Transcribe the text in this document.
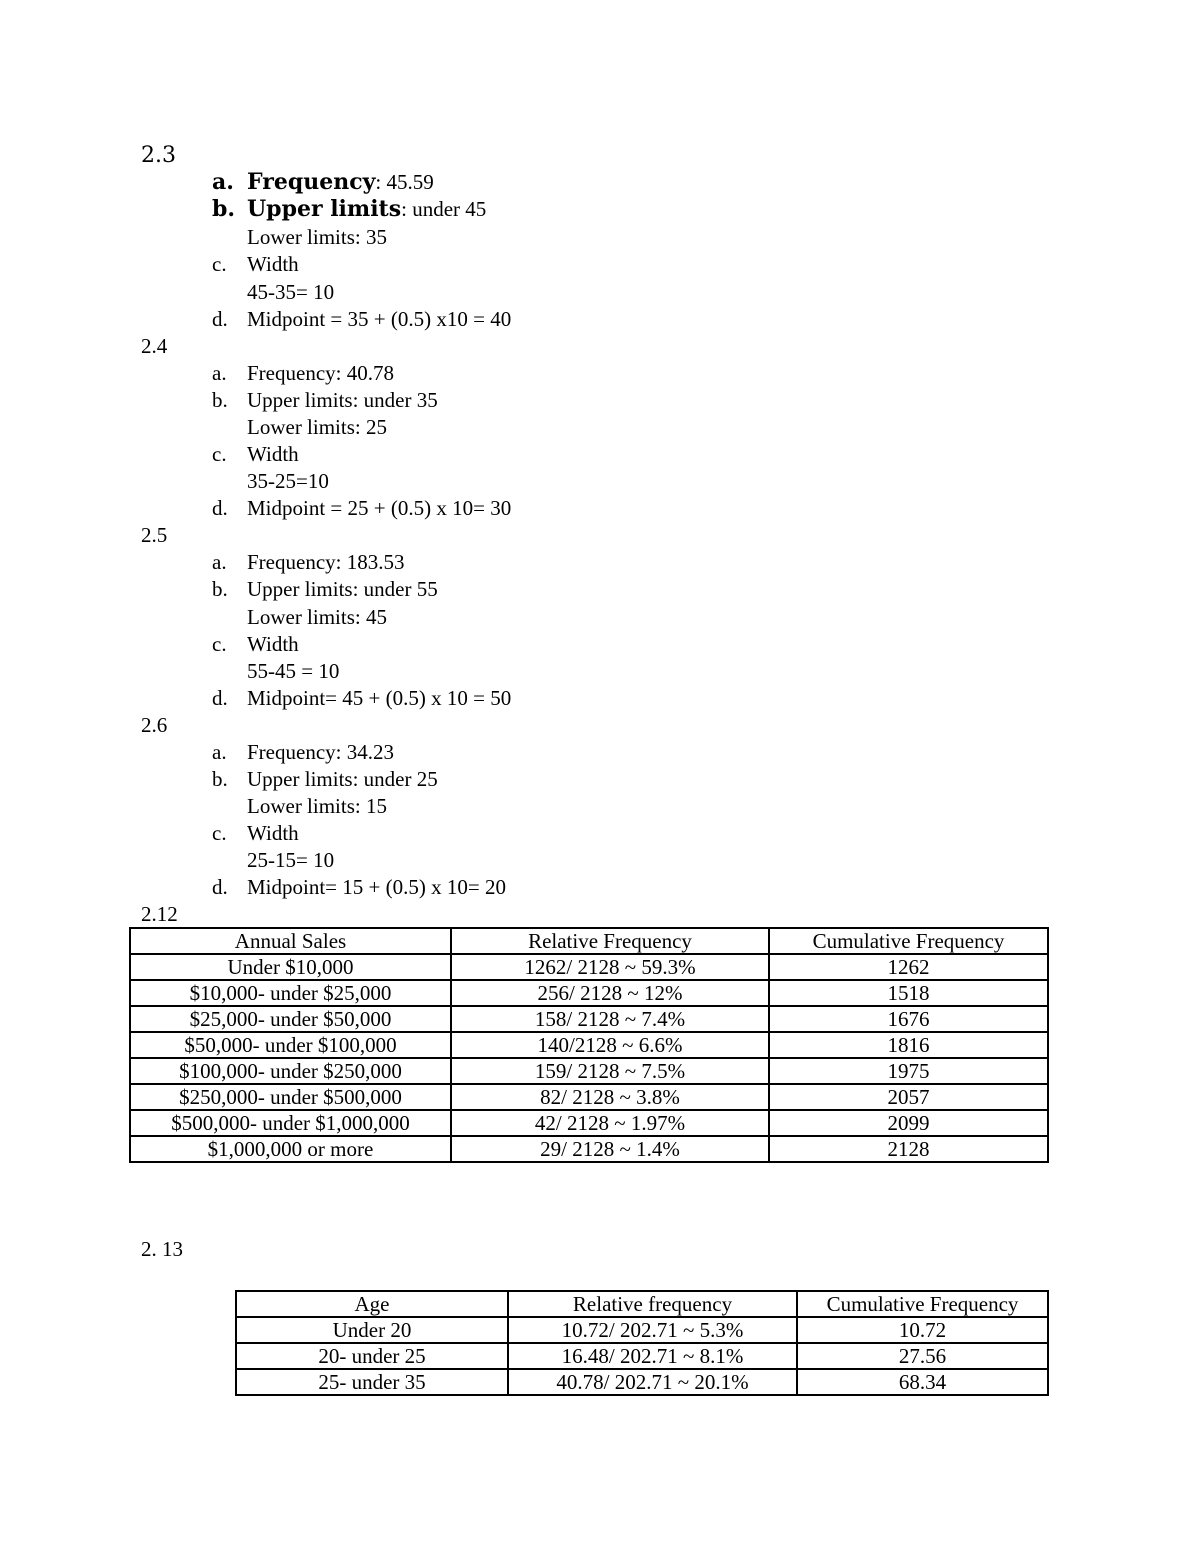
2.3
a. Frequency: 45.59
b. Upper limits: under 45
Lower limits: 35
c. Width
45-35= 10
d. Midpoint = 35 + (0.5) x10 = 40
2.4
a. Frequency: 40.78
b. Upper limits: under 35
Lower limits: 25
c. Width
35-25=10
d. Midpoint = 25 + (0.5) x 10= 30
2.5
a. Frequency: 183.53
b. Upper limits: under 55
Lower limits: 45
c. Width
55-45 = 10
d. Midpoint= 45 + (0.5) x 10 = 50
2.6
a. Frequency: 34.23
b. Upper limits: under 25
Lower limits: 15
c. Width
25-15= 10
d. Midpoint= 15 + (0.5) x 10= 20
2.12
Annual Sales	Relative Frequency	Cumulative Frequency
Under $10,000	1262/ 2128 ~ 59.3%	1262
$10,000- under $25,000	256/ 2128 ~ 12%	1518
$25,000- under $50,000	158/ 2128 ~ 7.4%	1676
$50,000- under $100,000	140/2128 ~ 6.6%	1816
$100,000- under $250,000	159/ 2128 ~ 7.5%	1975
$250,000- under $500,000	82/ 2128 ~ 3.8%	2057
$500,000- under $1,000,000	42/ 2128 ~ 1.97%	2099
$1,000,000 or more	29/ 2128 ~ 1.4%	2128
2. 13
Age	Relative frequency	Cumulative Frequency
Under 20	10.72/ 202.71 ~ 5.3%	10.72
20- under 25	16.48/ 202.71 ~ 8.1%	27.56
25- under 35	40.78/ 202.71 ~ 20.1%	68.34
